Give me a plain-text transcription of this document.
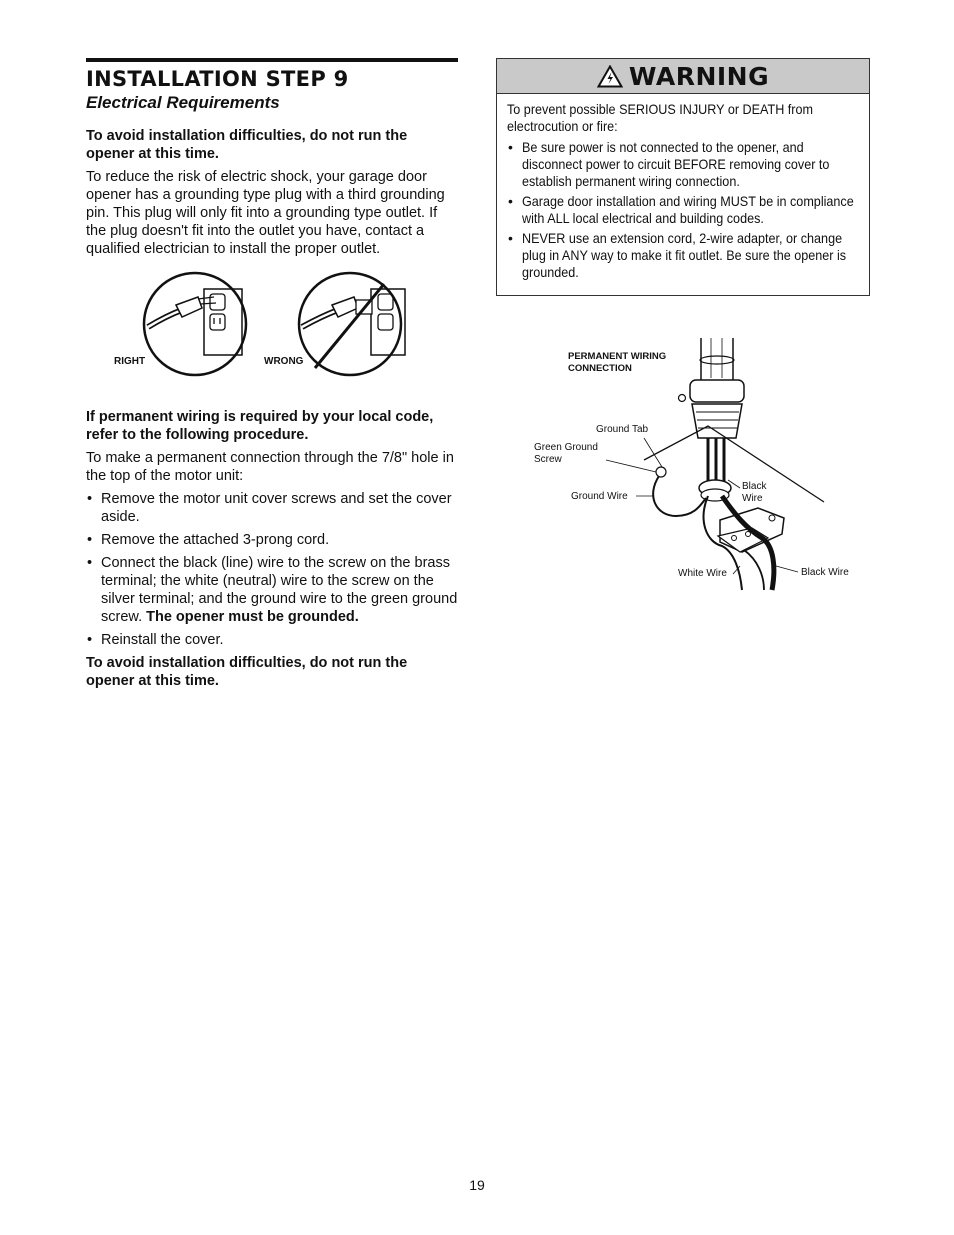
INSTALLATION STEP 9
Electrical Requirements

To avoid installation difficulties, do not run the opener at this time.

To reduce the risk of electric shock, your garage door opener has a grounding type plug with a third grounding pin. This plug will only fit into a grounding type outlet. If the plug doesn't fit into the outlet you have, contact a qualified electrician to install the proper outlet.

RIGHT	WRONG

If permanent wiring is required by your local code, refer to the following procedure.

To make a permanent connection through the 7/8" hole in the top of the motor unit:

• Remove the motor unit cover screws and set the cover aside.
• Remove the attached 3-prong cord.
• Connect the black (line) wire to the screw on the brass terminal; the white (neutral) wire to the screw on the silver terminal; and the ground wire to the green ground screw. The opener must be grounded.
• Reinstall the cover.

To avoid installation difficulties, do not run the opener at this time.

WARNING

To prevent possible SERIOUS INJURY or DEATH from electrocution or fire:

• Be sure power is not connected to the opener, and disconnect power to circuit BEFORE removing cover to establish permanent wiring connection.
• Garage door installation and wiring MUST be in compliance with ALL local electrical and building codes.
• NEVER use an extension cord, 2-wire adapter, or change plug in ANY way to make it fit outlet. Be sure the opener is grounded.
PERMANENT WIRING CONNECTION
Ground Tab
Green Ground Screw
Ground Wire
Black Wire
White Wire	Black Wire
19
